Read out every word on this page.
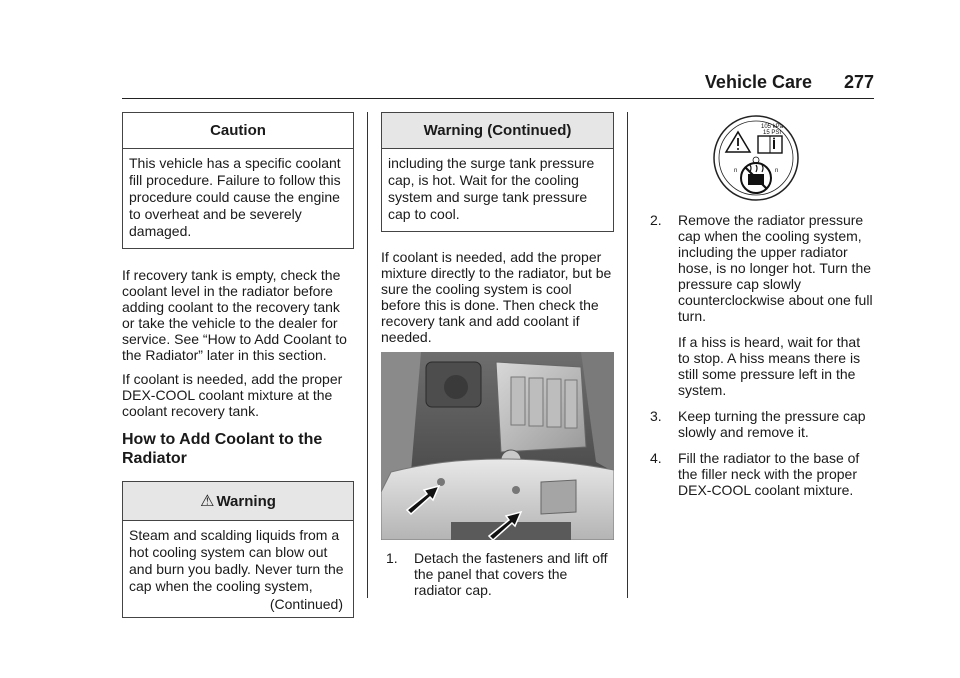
Vehicle Care 277
Caution
This vehicle has a specific coolant fill procedure. Failure to follow this procedure could cause the engine to overheat and be severely damaged.

If recovery tank is empty, check the coolant level in the radiator before adding coolant to the recovery tank or take the vehicle to the dealer for service. See “How to Add Coolant to the Radiator” later in this section.

If coolant is needed, add the proper DEX-COOL coolant mixture at the coolant recovery tank.

How to Add Coolant to the Radiator
⚠ Warning
Steam and scalding liquids from a hot cooling system can blow out and burn you badly. Never turn the cap when the cooling system,
(Continued)
Warning (Continued)
including the surge tank pressure cap, is hot. Wait for the cooling system and surge tank pressure cap to cool.

If coolant is needed, add the proper mixture directly to the radiator, but be sure the cooling system is cool before this is done. Then check the recovery tank and add coolant if needed.

1. Detach the fasteners and lift off the panel that covers the radiator cap.
105 kPa
15 PSI
n	n
2. Remove the radiator pressure cap when the cooling system, including the upper radiator hose, is no longer hot. Turn the pressure cap slowly counterclockwise about one full turn.
If a hiss is heard, wait for that to stop. A hiss means there is still some pressure left in the system.
3. Keep turning the pressure cap slowly and remove it.
4. Fill the radiator to the base of the filler neck with the proper DEX-COOL coolant mixture.
